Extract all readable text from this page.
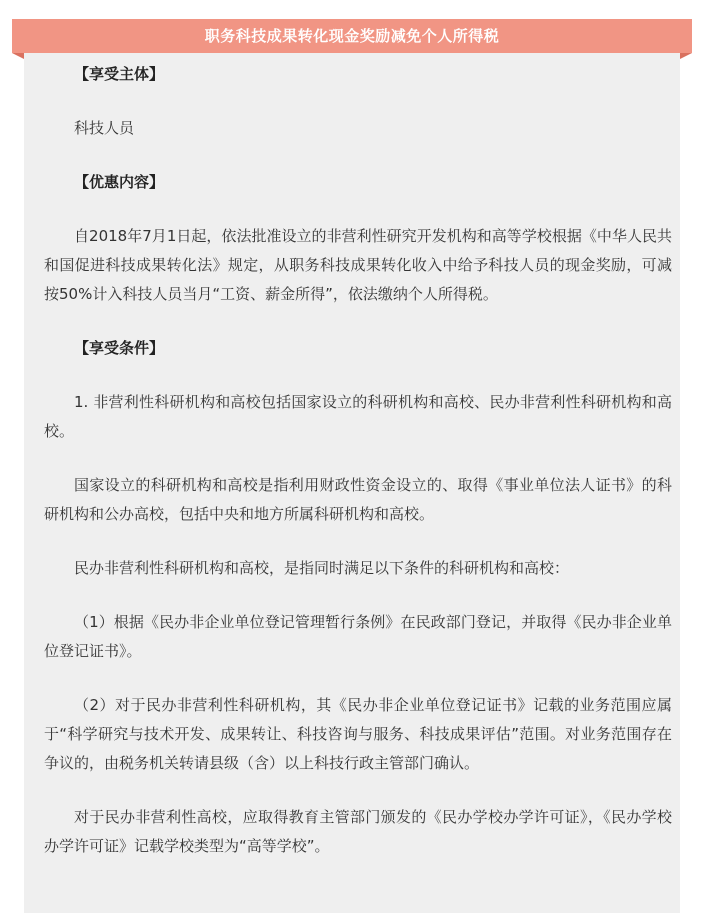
职务科技成果转化现金奖励减免个人所得税

【享受主体】

科技人员

【优惠内容】

自2018年7月1日起，依法批准设立的非营利性研究开发机构和高等学校根据《中华人民共和国促进科技成果转化法》规定，从职务科技成果转化收入中给予科技人员的现金奖励，可减按50%计入科技人员当月“工资、薪金所得”，依法缴纳个人所得税。

【享受条件】

1. 非营利性科研机构和高校包括国家设立的科研机构和高校、民办非营利性科研机构和高校。

国家设立的科研机构和高校是指利用财政性资金设立的、取得《事业单位法人证书》的科研机构和公办高校，包括中央和地方所属科研机构和高校。

民办非营利性科研机构和高校，是指同时满足以下条件的科研机构和高校：

（1）根据《民办非企业单位登记管理暂行条例》在民政部门登记，并取得《民办非企业单位登记证书》。

（2）对于民办非营利性科研机构，其《民办非企业单位登记证书》记载的业务范围应属于“科学研究与技术开发、成果转让、科技咨询与服务、科技成果评估”范围。对业务范围存在争议的，由税务机关转请县级（含）以上科技行政主管部门确认。

对于民办非营利性高校，应取得教育主管部门颁发的《民办学校办学许可证》，《民办学校办学许可证》记载学校类型为“高等学校”。
